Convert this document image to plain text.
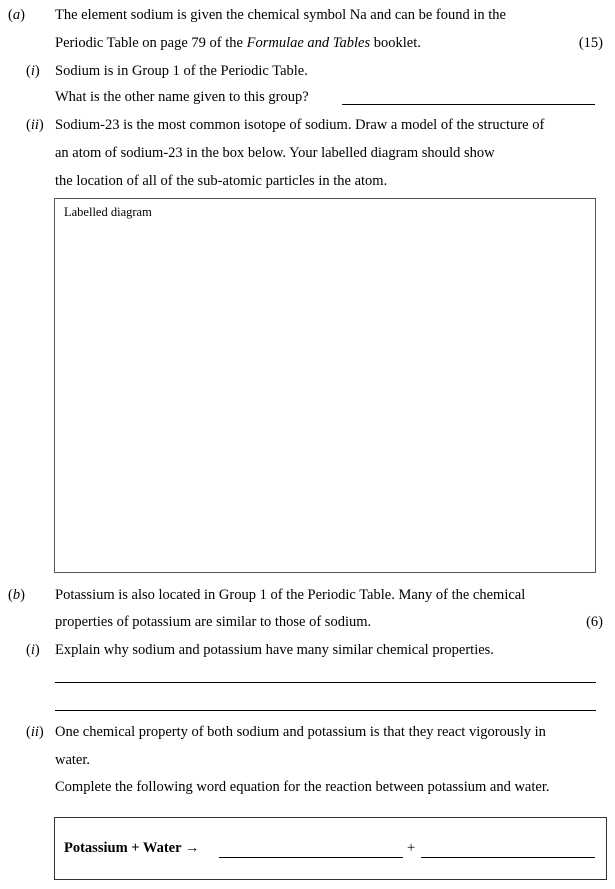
(a) The element sodium is given the chemical symbol Na and can be found in the
Periodic Table on page 79 of the Formulae and Tables booklet.	(15)
(i) Sodium is in Group 1 of the Periodic Table.
What is the other name given to this group?
(ii) Sodium-23 is the most common isotope of sodium. Draw a model of the structure of
an atom of sodium-23 in the box below. Your labelled diagram should show
the location of all of the sub-atomic particles in the atom.
Labelled diagram
(b) Potassium is also located in Group 1 of the Periodic Table. Many of the chemical
properties of potassium are similar to those of sodium.	(6)
(i) Explain why sodium and potassium have many similar chemical properties.
(ii) One chemical property of both sodium and potassium is that they react vigorously in
water.
Complete the following word equation for the reaction between potassium and water.
Potassium + Water →	+
